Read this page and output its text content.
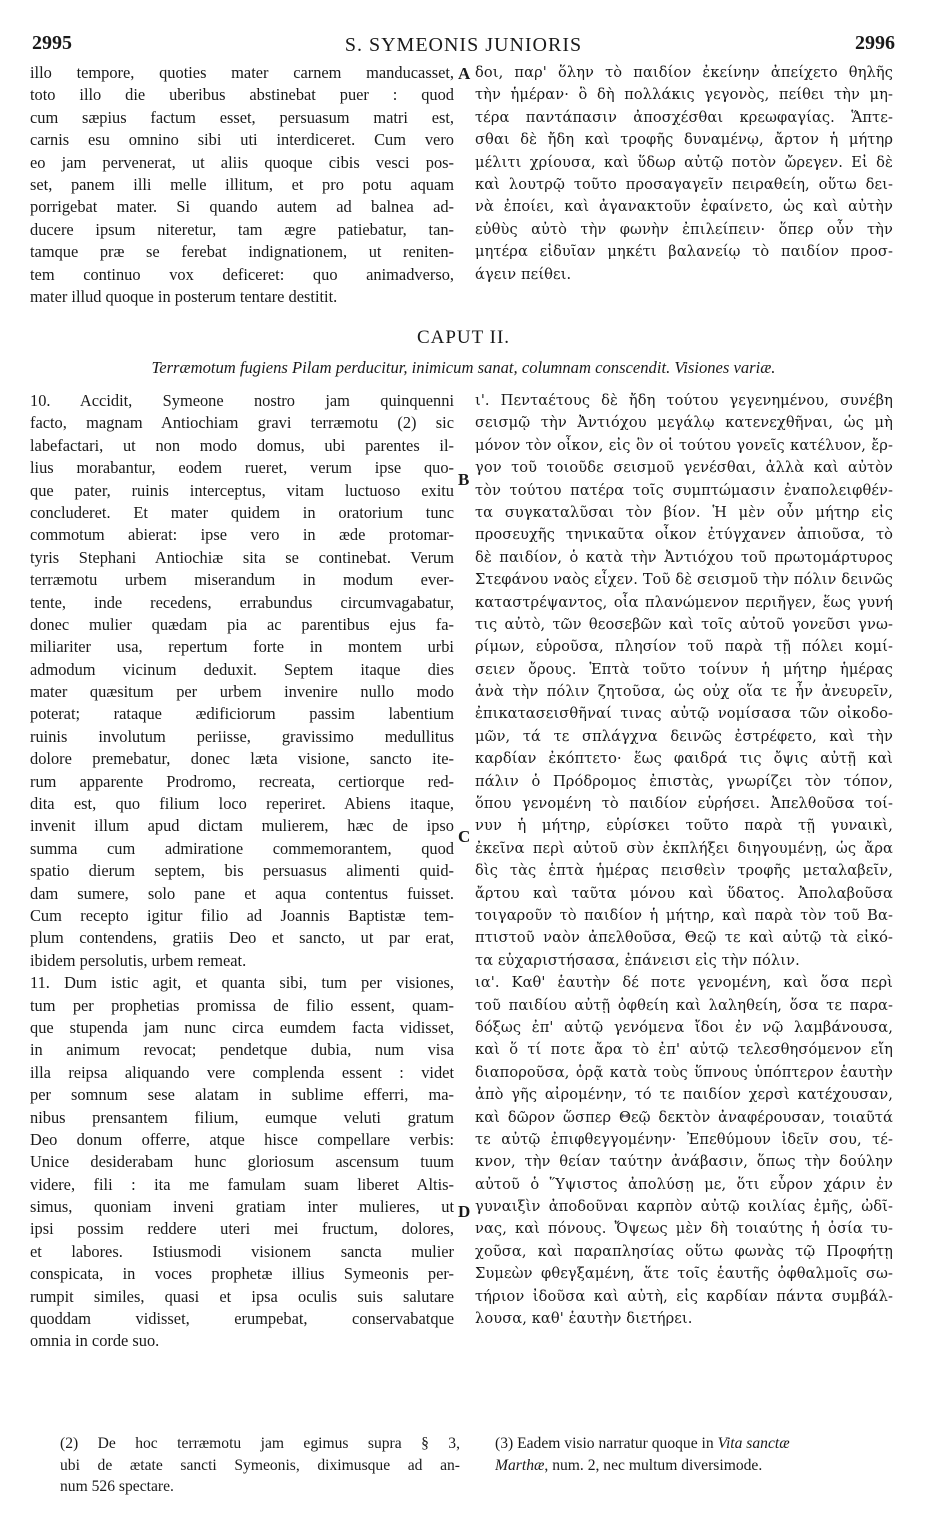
2995	S. SYMEONIS JUNIORIS	2996
illo tempore, quoties mater carnem manducasset,
toto illo die uberibus abstinebat puer : quod
cum sæpius factum esset, persuasum matri est,
carnis esu omnino sibi uti interdiceret. Cum vero
eo jam pervenerat, ut aliis quoque cibis vesci pos-
set, panem illi melle illitum, et pro potu aquam
porrigebat mater. Si quando autem ad balnea ad-
ducere ipsum niteretur, tam ægre patiebatur, tan-
tamque præ se ferebat indignationem, ut reniten-
tem continuo vox deficeret: quo animadverso,
mater illud quoque in posterum tentare destitit.
δοι, παρ' ὅλην τὸ παιδίον ἐκείνην ἀπείχετο θηλῆς
τὴν ἡμέραν· ὃ δὴ πολλάκις γεγονὸς, πείθει τὴν μη-
τέρα παντάπασιν ἀποσχέσθαι κρεωφαγίας. Ἅπτε-
σθαι δὲ ἤδη καὶ τροφῆς δυναμένῳ, ἄρτον ἡ μήτηρ
μέλιτι χρίουσα, καὶ ὕδωρ αὐτῷ ποτὸν ὤρεγεν. Εἰ δὲ
καὶ λουτρῷ τοῦτο προσαγαγεῖν πειραθείη, οὕτω δει-
νὰ ἐποίει, καὶ ἀγανακτοῦν ἐφαίνετο, ὡς καὶ αὐτὴν
εὐθὺς αὐτὸ τὴν φωνὴν ἐπιλείπειν· ὅπερ οὖν τὴν
μητέρα εἰδυῖαν μηκέτι βαλανείῳ τὸ παιδίον προσ-
άγειν πείθει.
A
CAPUT II.
Terræmotum fugiens Pilam perducitur, inimicum sanat, columnam conscendit. Visiones variæ.
10. Accidit, Symeone nostro jam quinquenni
facto, magnam Antiochiam gravi terræmotu (2) sic
labefactari, ut non modo domus, ubi parentes il-
lius morabantur, eodem rueret, verum ipse quo-
que pater, ruinis interceptus, vitam luctuoso exitu
concluderet. Et mater quidem in oratorium tunc
commotum abierat: ipse vero in æde protomar-
tyris Stephani Antiochiæ sita se continebat. Verum
terræmotu urbem miserandum in modum ever-
tente, inde recedens, errabundus circumvagabatur,
donec mulier quædam pia ac parentibus ejus fa-
miliariter usa, repertum forte in montem urbi
admodum vicinum deduxit. Septem itaque dies
mater quæsitum per urbem invenire nullo modo
poterat; rataque ædificiorum passim labentium
ruinis involutum periisse, gravissimo medullitus
dolore premebatur, donec læta visione, sancto ite-
rum apparente Prodromo, recreata, certiorque red-
dita est, quo filium loco reperiret. Abiens itaque,
invenit illum apud dictam mulierem, hæc de ipso
summa cum admiratione commemorantem, quod
spatio dierum septem, bis persuasus alimenti quid-
dam sumere, solo pane et aqua contentus fuisset.
Cum recepto igitur filio ad Joannis Baptistæ tem-
plum contendens, gratiis Deo et sancto, ut par erat,
ibidem persolutis, urbem remeat.
11. Dum istic agit, et quanta sibi, tum per visiones,
tum per prophetias promissa de filio essent, quam-
que stupenda jam nunc circa eumdem facta vidisset,
in animum revocat; pendetque dubia, num visa
illa reipsa aliquando vere complenda essent : videt
per somnum sese alatam in sublime efferri, ma-
nibus prensantem filium, eumque veluti gratum
Deo donum offerre, atque hisce compellare verbis:
Unice desiderabam hunc gloriosum ascensum tuum
videre, fili : ita me famulam suam liberet Altis-
simus, quoniam inveni gratiam inter mulieres, ut
ipsi possim reddere uteri mei fructum, dolores,
et labores. Istiusmodi visionem sancta mulier
conspicata, in voces prophetæ illius Symeonis per-
rumpit similes, quasi et ipsa oculis suis salutare
quoddam vidisset, erumpebat, conservabatque
omnia in corde suo.
ι'. Πενταέτους δὲ ἤδη τούτου γεγενημένου, συνέβη
σεισμῷ τὴν Ἀντιόχου μεγάλῳ κατενεχθῆναι, ὡς μὴ
μόνον τὸν οἶκον, εἰς ὃν οἱ τούτου γονεῖς κατέλυον, ἔρ-
γον τοῦ τοιοῦδε σεισμοῦ γενέσθαι, ἀλλὰ καὶ αὐτὸν
τὸν τούτου πατέρα τοῖς συμπτώμασιν ἐναπολειφθέν-
τα συγκαταλῦσαι τὸν βίον. Ἡ μὲν οὖν μήτηρ εἰς
προσευχῆς τηνικαῦτα οἶκον ἐτύγχανεν ἀπιοῦσα, τὸ
δὲ παιδίον, ὁ κατὰ τὴν Ἀντιόχου τοῦ πρωτομάρτυρος
Στεφάνου ναὸς εἶχεν. Τοῦ δὲ σεισμοῦ τὴν πόλιν δεινῶς
καταστρέψαντος, οἷα πλανώμενον περιῆγεν, ἕως γυνή
τις αὐτὸ, τῶν θεοσεβῶν καὶ τοῖς αὐτοῦ γονεῦσι γνω-
ρίμων, εὑροῦσα, πλησίον τοῦ παρὰ τῇ πόλει κομί-
σειεν ὄρους. Ἑπτὰ τοῦτο τοίνυν ἡ μήτηρ ἡμέρας
ἀνὰ τὴν πόλιν ζητοῦσα, ὡς οὐχ οἵα τε ἦν ἀνευρεῖν,
ἐπικατασεισθῆναί τινας αὐτῷ νομίσασα τῶν οἰκοδο-
μῶν, τά τε σπλάγχνα δεινῶς ἐστρέφετο, καὶ τὴν
καρδίαν ἐκόπτετο· ἕως φαιδρά τις ὄψις αὐτῇ καὶ
πάλιν ὁ Πρόδρομος ἐπιστὰς, γνωρίζει τὸν τόπον,
ὅπου γενομένη τὸ παιδίον εὑρήσει. Ἀπελθοῦσα τοί-
νυν ἡ μήτηρ, εὑρίσκει τοῦτο παρὰ τῇ γυναικὶ,
ἐκεῖνα περὶ αὐτοῦ σὺν ἐκπλήξει διηγουμένῃ, ὡς ἄρα
δὶς τὰς ἑπτὰ ἡμέρας πεισθεὶν τροφῆς μεταλαβεῖν,
ἄρτου καὶ ταῦτα μόνου καὶ ὕδατος. Ἀπολαβοῦσα
τοιγαροῦν τὸ παιδίον ἡ μήτηρ, καὶ παρὰ τὸν τοῦ Βα-
πτιστοῦ ναὸν ἀπελθοῦσα, Θεῷ τε καὶ αὐτῷ τὰ εἰκό-
τα εὐχαριστήσασα, ἐπάνεισι εἰς τὴν πόλιν.
ια'. Καθ' ἑαυτὴν δέ ποτε γενομένη, καὶ ὅσα περὶ
τοῦ παιδίου αὐτῇ ὀφθείη καὶ λαληθείη, ὅσα τε παρα-
δόξως ἐπ' αὐτῷ γενόμενα ἴδοι ἐν νῷ λαμβάνουσα,
καὶ ὅ τί ποτε ἄρα τὸ ἐπ' αὐτῷ τελεσθησόμενον εἴη
διαποροῦσα, ὁρᾷ κατὰ τοὺς ὕπνους ὑπόπτερον ἑαυτὴν
ἀπὸ γῆς αἰρομένην, τό τε παιδίον χερσὶ κατέχουσαν,
καὶ δῶρον ὥσπερ Θεῷ δεκτὸν ἀναφέρουσαν, τοιαῦτά
τε αὐτῷ ἐπιφθεγγομένην· Ἐπεθύμουν ἰδεῖν σου, τέ-
κνον, τὴν θείαν ταύτην ἀνάβασιν, ὅπως τὴν δούλην
αὐτοῦ ὁ Ὕψιστος ἀπολύσῃ με, ὅτι εὗρον χάριν ἐν
γυναιξὶν ἀποδοῦναι καρπὸν αὐτῷ κοιλίας ἐμῆς, ὠδῖ-
νας, καὶ πόνους. Ὄψεως μὲν δὴ τοιαύτης ἡ ὁσία τυ-
χοῦσα, καὶ παραπλησίας οὕτω φωνὰς τῷ Προφήτῃ
Συμεὼν φθεγξαμένη, ἅτε τοῖς ἑαυτῆς ὀφθαλμοῖς σω-
τήριον ἰδοῦσα καὶ αὐτὴ, εἰς καρδίαν πάντα συμβάλ-
λουσα, καθ' ἑαυτὴν διετήρει.
B
C
D
(2) De hoc terræmotu jam egimus supra § 3,
ubi de ætate sancti Symeonis, diximusque ad an-
num 526 spectare.
(3) Eadem visio narratur quoque in Vita sanctæ
Marthæ, num. 2, nec multum diversimode.
